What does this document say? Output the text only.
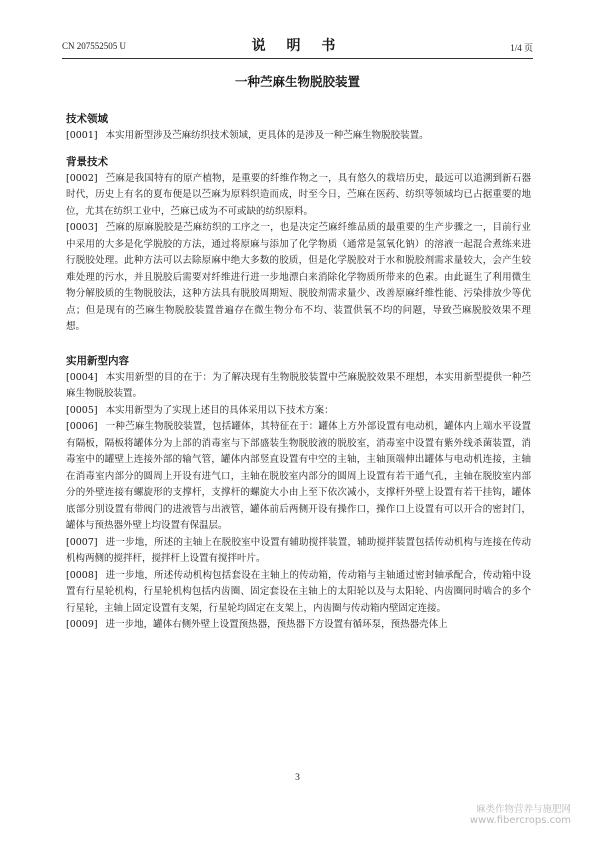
CN 207552505 U	说 明 书	1/4 页
一种苎麻生物脱胶装置

技术领域

[0001] 本实用新型涉及苎麻纺织技术领域，更具体的是涉及一种苎麻生物脱胶装置。

背景技术

[0002] 苎麻是我国特有的原产植物，是重要的纤维作物之一，具有悠久的栽培历史，最远可以追溯到新石器时代，历史上有名的夏布便是以苎麻为原料织造而成，时至今日，苎麻在医药、纺织等领域均已占据重要的地位，尤其在纺织工业中，苎麻已成为不可或缺的纺织原料。

[0003] 苎麻的原麻脱胶是苎麻纺织的工序之一，也是决定苎麻纤维品质的最重要的生产步骤之一，目前行业中采用的大多是化学脱胶的方法，通过将原麻与添加了化学物质（通常是氢氧化钠）的溶液一起混合煮练来进行脱胶处理。此种方法可以去除原麻中绝大多数的胶质，但是化学脱胶对于水和脱胶剂需求量较大，会产生较难处理的污水，并且脱胶后需要对纤维进行进一步地漂白来消除化学物质所带来的色素。由此诞生了利用微生物分解胶质的生物脱胶法，这种方法具有脱胶周期短、脱胶剂需求量少、改善原麻纤维性能、污染排放少等优点；但是现有的苎麻生物脱胶装置普遍存在微生物分布不均、装置供氧不均的问题，导致苎麻脱胶效果不理想。

实用新型内容

[0004] 本实用新型的目的在于：为了解决现有生物脱胶装置中苎麻脱胶效果不理想，本实用新型提供一种苎麻生物脱胶装置。

[0005] 本实用新型为了实现上述目的具体采用以下技术方案：

[0006] 一种苎麻生物脱胶装置，包括罐体，其特征在于：罐体上方外部设置有电动机，罐体内上端水平设置有隔板，隔板将罐体分为上部的消毒室与下部盛装生物脱胶液的脱胶室，消毒室中设置有紫外线杀菌装置，消毒室中的罐壁上连接外部的输气管，罐体内部竖直设置有中空的主轴，主轴顶端伸出罐体与电动机连接，主轴在消毒室内部分的圆周上开设有进气口，主轴在脱胶室内部分的圆周上设置有若干通气孔，主轴在脱胶室内部分的外壁连接有螺旋形的支撑杆，支撑杆的螺旋大小由上至下依次减小，支撑杆外壁上设置有若干挂钩，罐体底部分别设置有带阀门的进液管与出液管，罐体前后两侧开设有操作口，操作口上设置有可以开合的密封门，罐体与预热器外壁上均设置有保温层。

[0007] 进一步地，所述的主轴上在脱胶室中设置有辅助搅拌装置，辅助搅拌装置包括传动机构与连接在传动机构两侧的搅拌杆，搅拌杆上设置有搅拌叶片。

[0008] 进一步地，所述传动机构包括套设在主轴上的传动箱，传动箱与主轴通过密封轴承配合，传动箱中设置有行星轮机构，行星轮机构包括内齿圈、固定套设在主轴上的太阳轮以及与太阳轮、内齿圈同时啮合的多个行星轮，主轴上固定设置有支架，行星轮均固定在支架上，内齿圈与传动箱内壁固定连接。

[0009] 进一步地，罐体右侧外壁上设置预热器，预热器下方设置有循环泵，预热器壳体上

3
麻类作物营养与施肥网
www.fibercrops.com
